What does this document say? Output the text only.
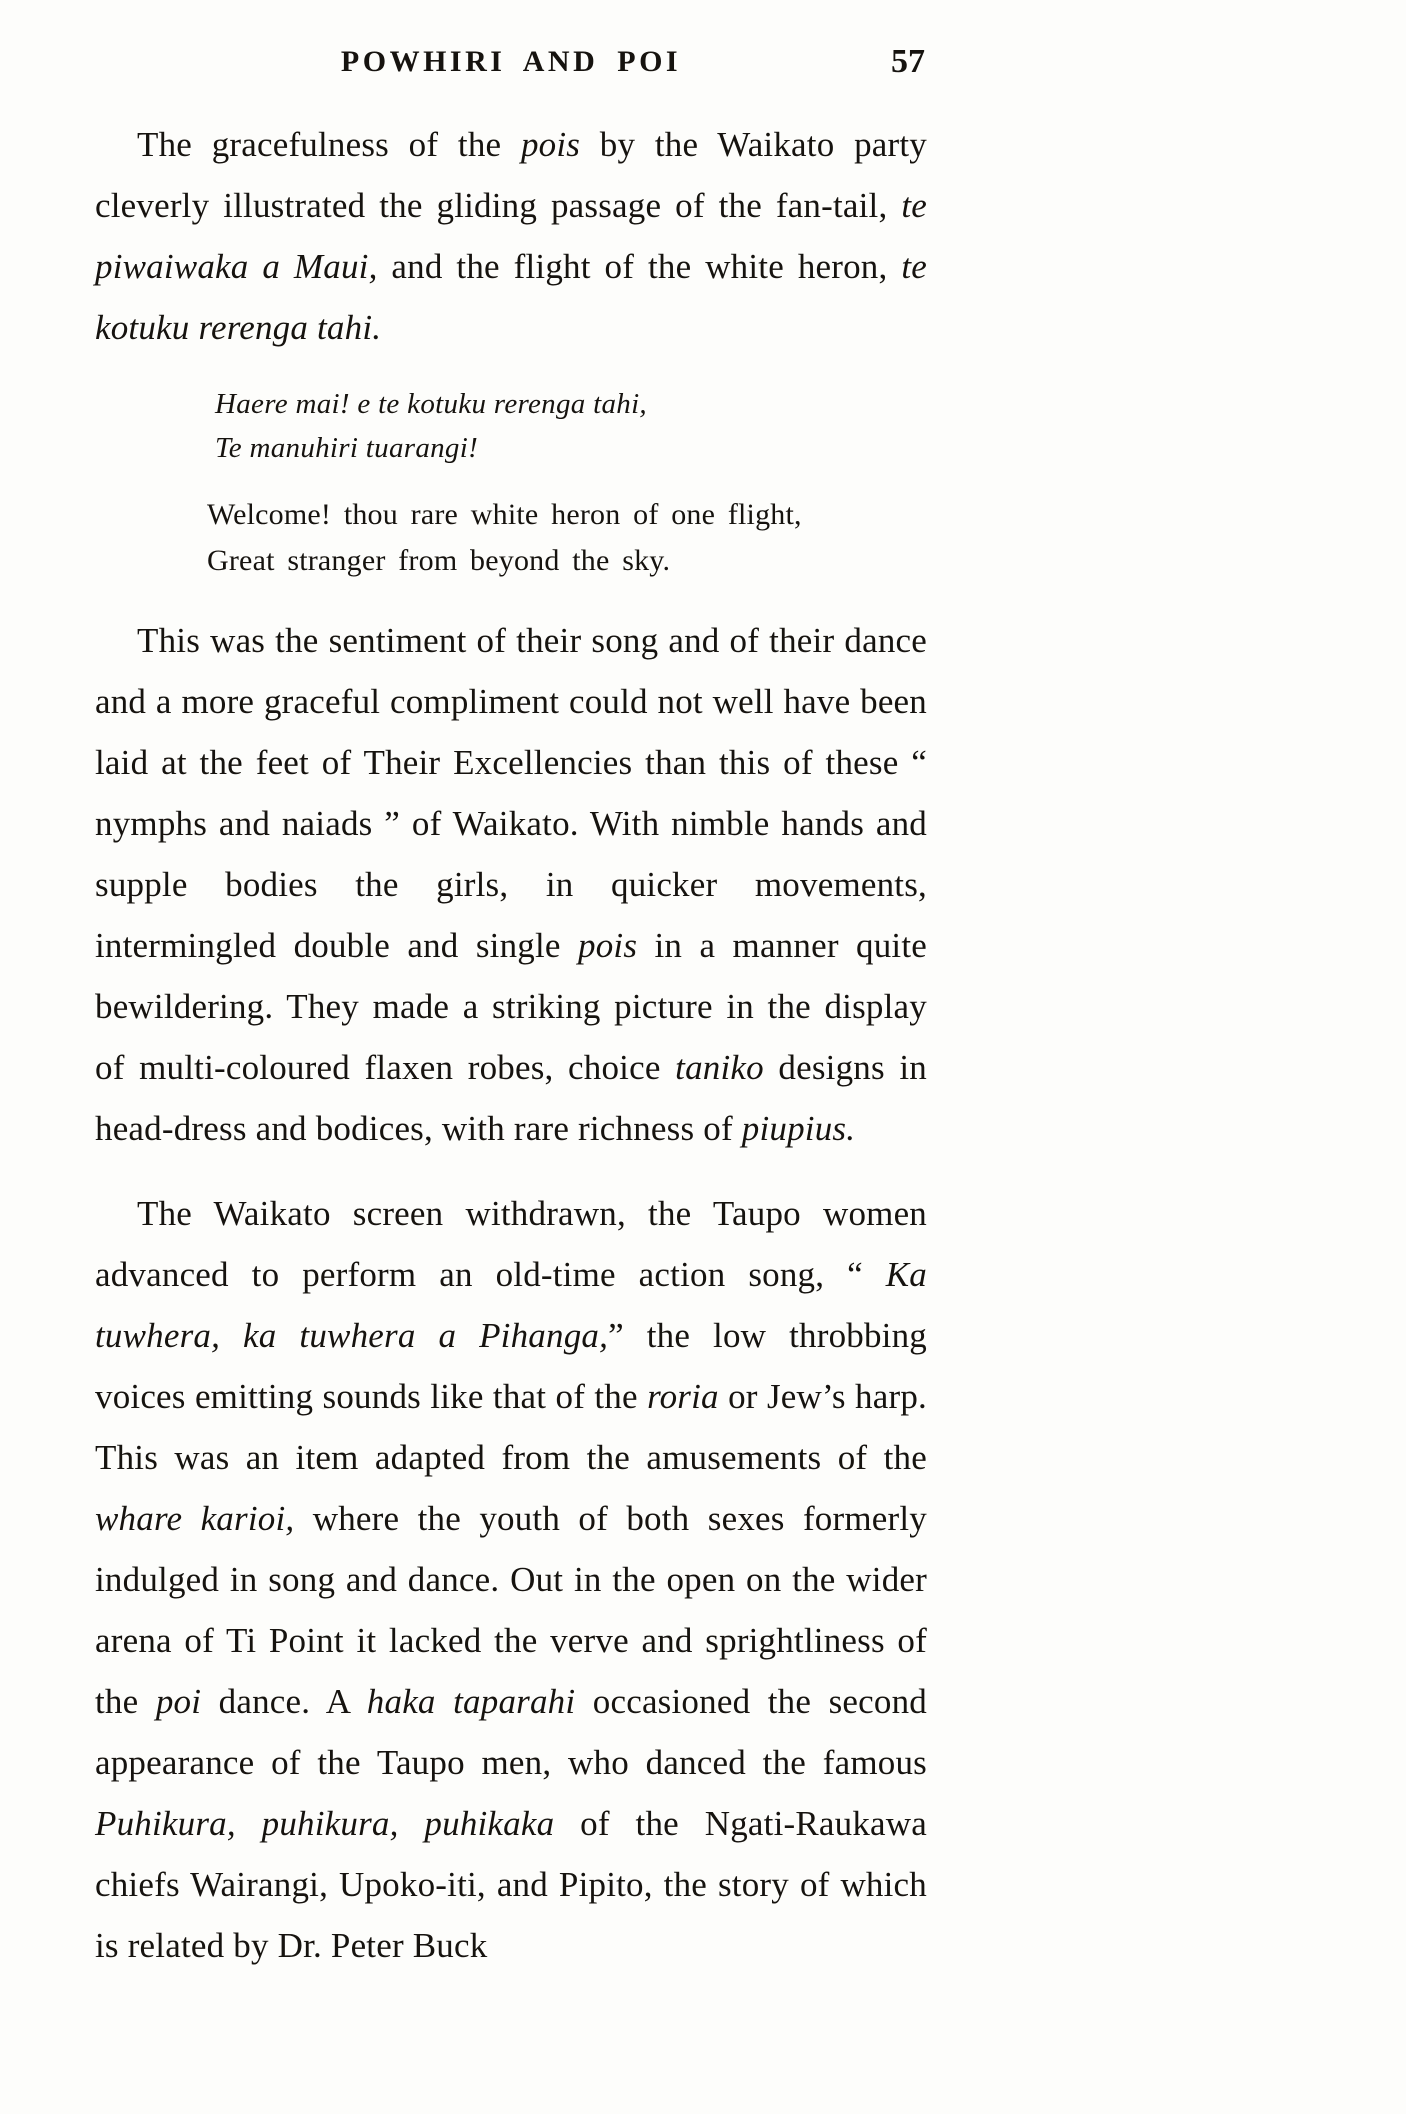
POWHIRI AND POI	57

The gracefulness of the pois by the Waikato party cleverly illustrated the gliding passage of the fan-tail, te piwaiwaka a Maui, and the flight of the white heron, te kotuku rerenga tahi.

Haere mai! e te kotuku rerenga tahi,
Te manuhiri tuarangi!
Welcome! thou rare white heron of one flight,
Great stranger from beyond the sky.

This was the sentiment of their song and of their dance and a more graceful compliment could not well have been laid at the feet of Their Excellencies than this of these “ nymphs and naiads ” of Waikato. With nimble hands and supple bodies the girls, in quicker movements, intermingled double and single pois in a manner quite bewildering. They made a striking picture in the display of multi-coloured flaxen robes, choice taniko designs in head-dress and bodices, with rare richness of piupius.

The Waikato screen withdrawn, the Taupo women advanced to perform an old-time action song, “ Ka tuwhera, ka tuwhera a Pihanga,” the low throbbing voices emitting sounds like that of the roria or Jew’s harp. This was an item adapted from the amusements of the whare karioi, where the youth of both sexes formerly indulged in song and dance. Out in the open on the wider arena of Ti Point it lacked the verve and sprightliness of the poi dance. A haka taparahi occasioned the second appearance of the Taupo men, who danced the famous Puhikura, puhikura, puhikaka of the Ngati-Raukawa chiefs Wairangi, Upoko-iti, and Pipito, the story of which is related by Dr. Peter Buck
